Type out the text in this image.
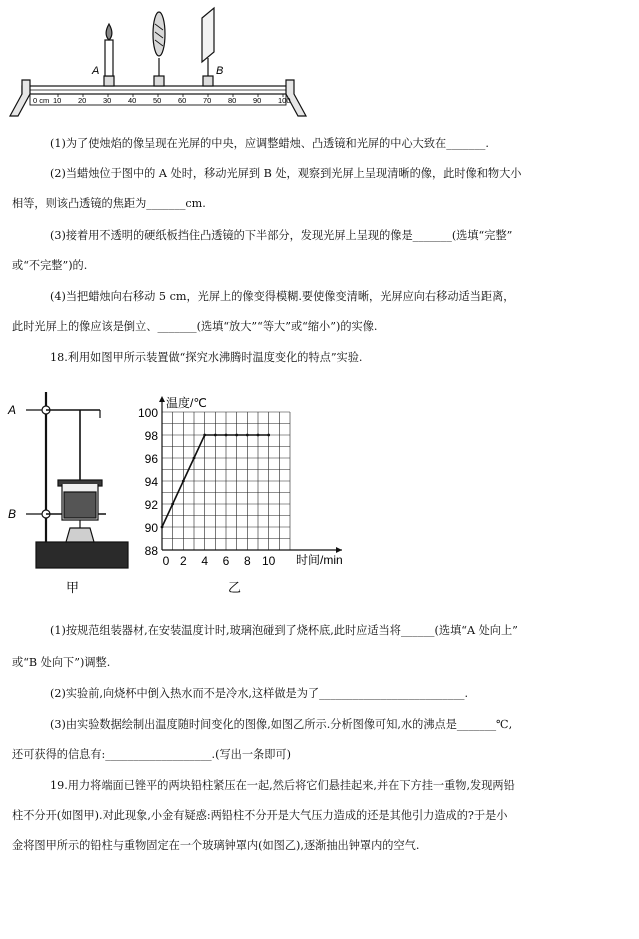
A	B
0 cm 10 20 30 40 50 60 70 80 90 100
(1)为了使烛焰的像呈现在光屏的中央，应调整蜡烛、凸透镜和光屏的中心大致在_______.
(2)当蜡烛位于图中的 A 处时，移动光屏到 B 处，观察到光屏上呈现清晰的像，此时像和物大小
相等，则该凸透镜的焦距为_______cm.
(3)接着用不透明的硬纸板挡住凸透镜的下半部分，发现光屏上呈现的像是_______(选填“完整”
或“不完整”)的.
(4)当把蜡烛向右移动 5 cm，光屏上的像变得模糊.要使像变清晰，光屏应向右移动适当距离，
此时光屏上的像应该是倒立、_______(选填“放大”“等大”或“缩小”)的实像.
18.利用如图甲所示装置做“探究水沸腾时温度变化的特点”实验.
A
B
甲
88
90
92
94
96
98
100
0 2 4 6 8 10
温度/℃
时间/min
乙
(1)按规范组装器材,在安装温度计时,玻璃泡碰到了烧杯底,此时应适当将______(选填“A 处向上”
或“B 处向下”)调整.
(2)实验前,向烧杯中倒入热水而不是冷水,这样做是为了__________________________.
(3)由实验数据绘制出温度随时间变化的图像,如图乙所示.分析图像可知,水的沸点是_______℃,
还可获得的信息有:___________________.(写出一条即可)
19.用力将端面已锉平的两块铅柱紧压在一起,然后将它们悬挂起来,并在下方挂一重物,发现两铅
柱不分开(如图甲).对此现象,小金有疑惑:两铅柱不分开是大气压力造成的还是其他引力造成的?于是小
金将图甲所示的铅柱与重物固定在一个玻璃钟罩内(如图乙),逐渐抽出钟罩内的空气.
